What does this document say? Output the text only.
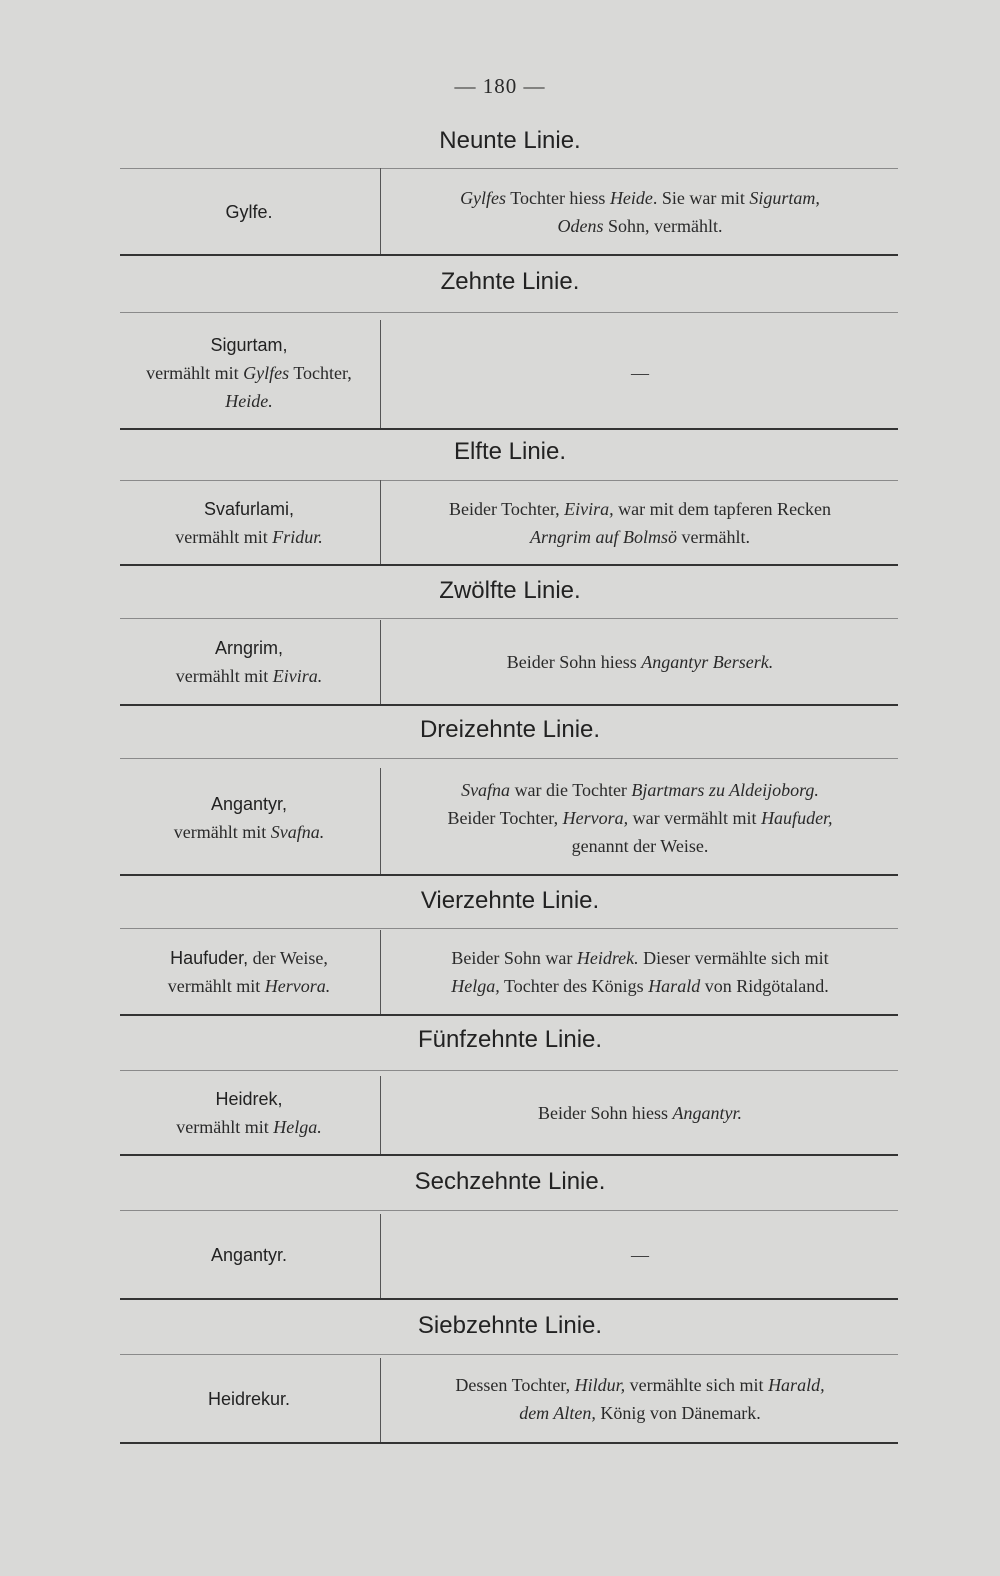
— 180 —
Neunte Linie.
Gylfe.
Gylfes Tochter hiess Heide. Sie war mit Sigurtam,
Odens Sohn, vermählt.
Zehnte Linie.
Sigurtam,
vermählt mit Gylfes Tochter,
Heide.
—
Elfte Linie.
Svafurlami,
vermählt mit Fridur.
Beider Tochter, Eivira, war mit dem tapferen Recken
Arngrim auf Bolmsö vermählt.
Zwölfte Linie.
Arngrim,
vermählt mit Eivira.
Beider Sohn hiess Angantyr Berserk.
Dreizehnte Linie.
Angantyr,
vermählt mit Svafna.
Svafna war die Tochter Bjartmars zu Aldeijoborg.
Beider Tochter, Hervora, war vermählt mit Haufuder,
genannt der Weise.
Vierzehnte Linie.
Haufuder, der Weise,
vermählt mit Hervora.
Beider Sohn war Heidrek. Dieser vermählte sich mit
Helga, Tochter des Königs Harald von Ridgötaland.
Fünfzehnte Linie.
Heidrek,
vermählt mit Helga.
Beider Sohn hiess Angantyr.
Sechzehnte Linie.
Angantyr.	—
Siebzehnte Linie.
Heidrekur.
Dessen Tochter, Hildur, vermählte sich mit Harald,
dem Alten, König von Dänemark.
